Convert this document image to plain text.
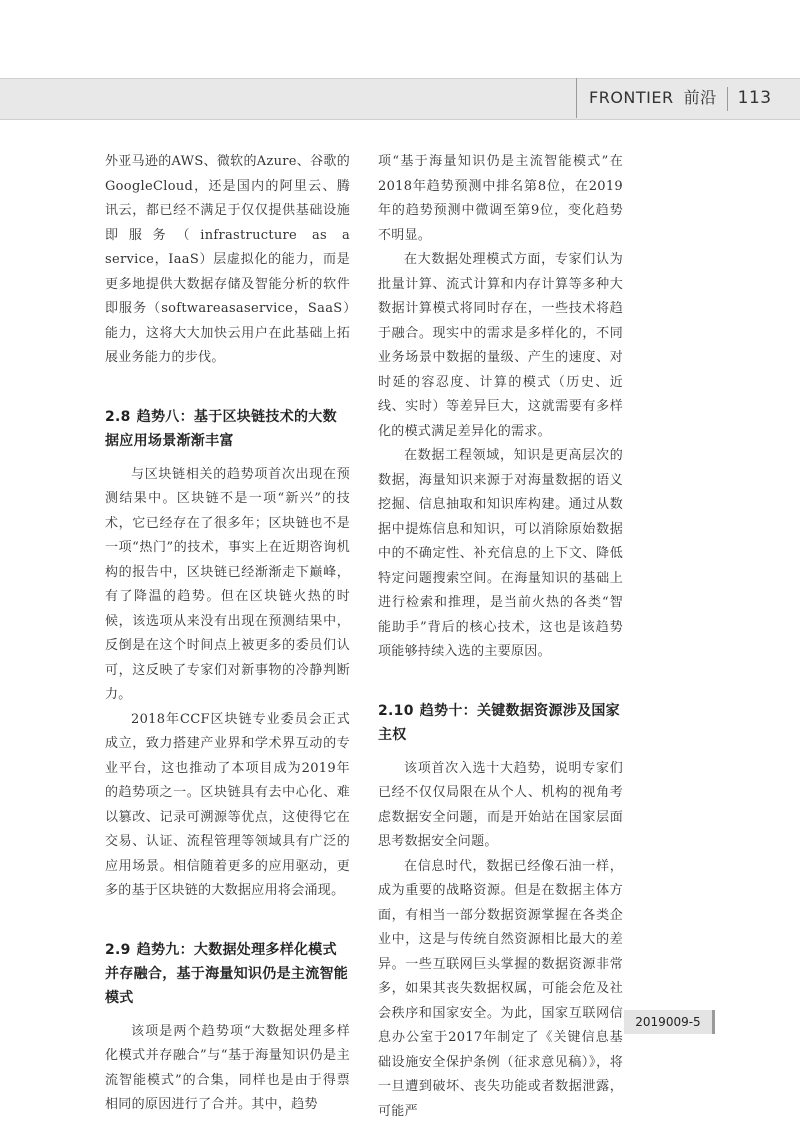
FRONTIER 前沿 113

外亚马逊的AWS、微软的Azure、谷歌的GoogleCloud，还是国内的阿里云、腾讯云，都已经不满足于仅仅提供基础设施即服务（infrastructure as a service，IaaS）层虚拟化的能力，而是更多地提供大数据存储及智能分析的软件即服务（softwareasaservice，SaaS）能力，这将大大加快云用户在此基础上拓展业务能力的步伐。

2.8 趋势八：基于区块链技术的大数据应用场景渐渐丰富

与区块链相关的趋势项首次出现在预测结果中。区块链不是一项“新兴”的技术，它已经存在了很多年；区块链也不是一项“热门”的技术，事实上在近期咨询机构的报告中，区块链已经渐渐走下巅峰，有了降温的趋势。但在区块链火热的时候，该选项从来没有出现在预测结果中，反倒是在这个时间点上被更多的委员们认可，这反映了专家们对新事物的冷静判断力。

2018年CCF区块链专业委员会正式成立，致力搭建产业界和学术界互动的专业平台，这也推动了本项目成为2019年的趋势项之一。区块链具有去中心化、难以篡改、记录可溯源等优点，这使得它在交易、认证、流程管理等领域具有广泛的应用场景。相信随着更多的应用驱动，更多的基于区块链的大数据应用将会涌现。

2.9 趋势九：大数据处理多样化模式并存融合，基于海量知识仍是主流智能模式

该项是两个趋势项“大数据处理多样化模式并存融合”与“基于海量知识仍是主流智能模式”的合集，同样也是由于得票相同的原因进行了合并。其中，趋势

项“基于海量知识仍是主流智能模式”在2018年趋势预测中排名第8位，在2019年的趋势预测中微调至第9位，变化趋势不明显。

在大数据处理模式方面，专家们认为批量计算、流式计算和内存计算等多种大数据计算模式将同时存在，一些技术将趋于融合。现实中的需求是多样化的，不同业务场景中数据的量级、产生的速度、对时延的容忍度、计算的模式（历史、近线、实时）等差异巨大，这就需要有多样化的模式满足差异化的需求。

在数据工程领域，知识是更高层次的数据，海量知识来源于对海量数据的语义挖掘、信息抽取和知识库构建。通过从数据中提炼信息和知识，可以消除原始数据中的不确定性、补充信息的上下文、降低特定问题搜索空间。在海量知识的基础上进行检索和推理，是当前火热的各类“智能助手”背后的核心技术，这也是该趋势项能够持续入选的主要原因。

2.10 趋势十：关键数据资源涉及国家主权

该项首次入选十大趋势，说明专家们已经不仅仅局限在从个人、机构的视角考虑数据安全问题，而是开始站在国家层面思考数据安全问题。

在信息时代，数据已经像石油一样，成为重要的战略资源。但是在数据主体方面，有相当一部分数据资源掌握在各类企业中，这是与传统自然资源相比最大的差异。一些互联网巨头掌握的数据资源非常多，如果其丧失数据权属，可能会危及社会秩序和国家安全。为此，国家互联网信息办公室于2017年制定了《关键信息基础设施安全保护条例（征求意见稿）》，将一旦遭到破坏、丧失功能或者数据泄露，可能严

2019009-5
